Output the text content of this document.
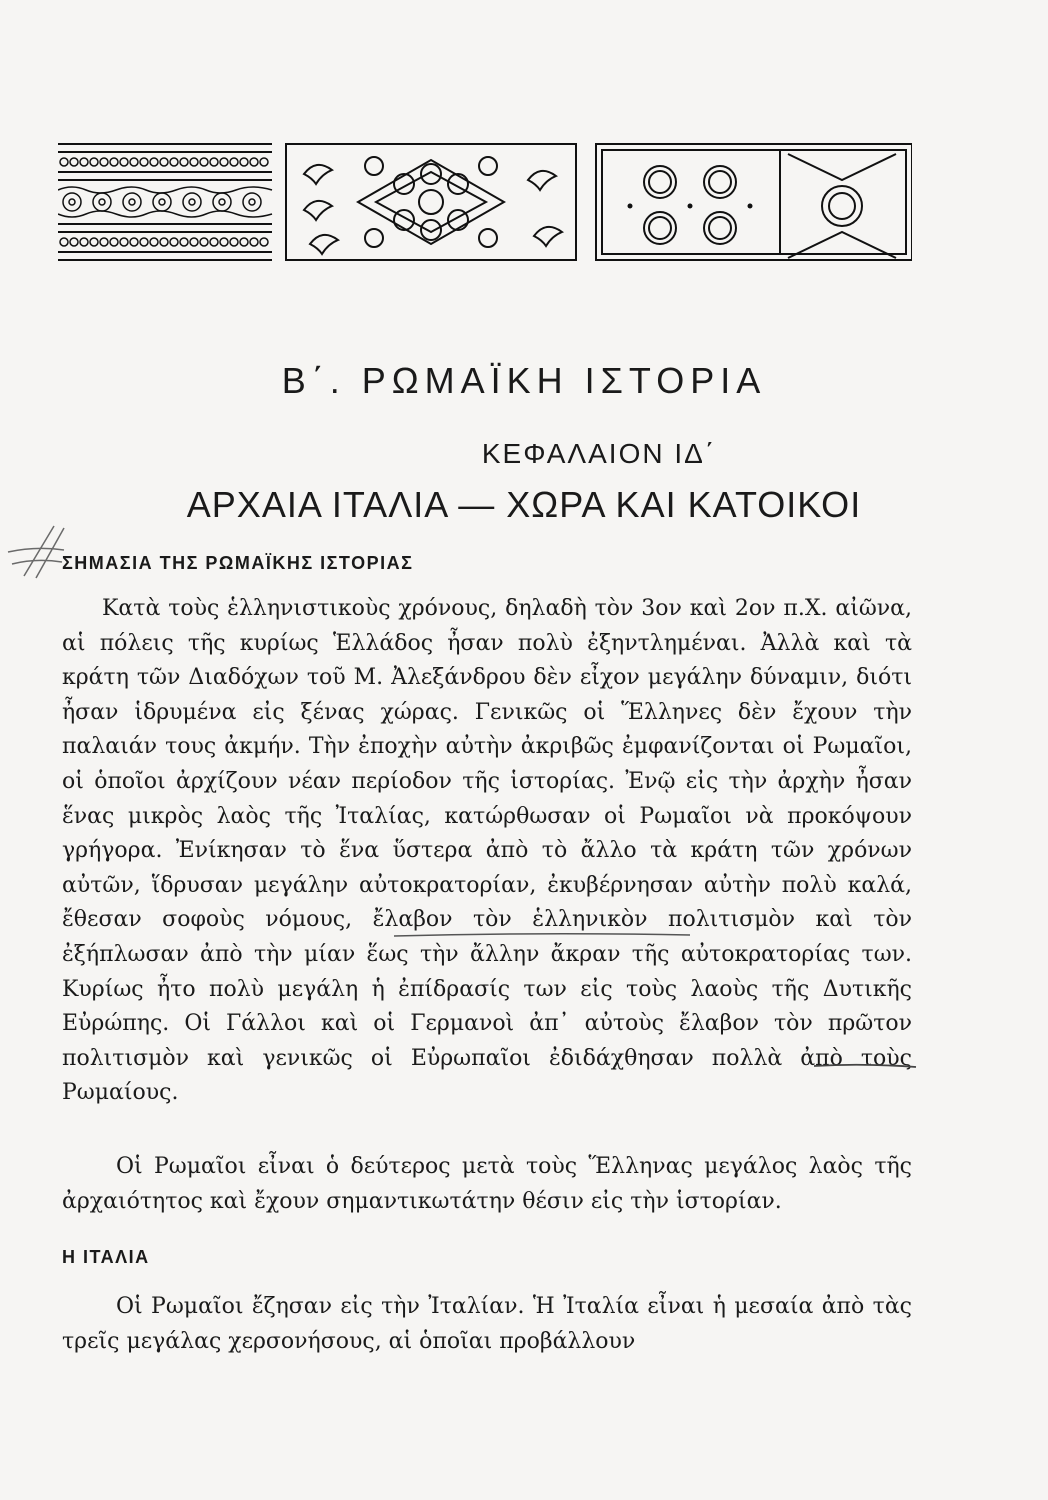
Β΄. ΡΩΜΑΪΚΗ ΙΣΤΟΡΙΑ
ΚΕΦΑΛΑΙΟΝ ΙΔ΄
ΑΡΧΑΙΑ ΙΤΑΛΙΑ — ΧΩΡΑ ΚΑΙ ΚΑΤΟΙΚΟΙ
ΣΗΜΑΣΙΑ ΤΗΣ ΡΩΜΑΪΚΗΣ ΙΣΤΟΡΙΑΣ
Κατὰ τοὺς ἑλληνιστικοὺς χρόνους, δηλαδὴ τὸν 3ον καὶ 2ον π.Χ. αἰῶνα, αἱ πόλεις τῆς κυρίως Ἑλλάδος ἦσαν πολὺ ἐξηντλημέναι. Ἀλλὰ καὶ τὰ κράτη τῶν Διαδόχων τοῦ Μ. Ἀλεξάνδρου δὲν εἶχον μεγάλην δύναμιν, διότι ἦσαν ἱδρυμένα εἰς ξένας χώρας. Γενικῶς οἱ Ἕλληνες δὲν ἔχουν τὴν παλαιάν τους ἀκμήν. Τὴν ἐποχὴν αὐτὴν ἀκριβῶς ἐμφανίζονται οἱ Ρωμαῖοι, οἱ ὁποῖοι ἀρχίζουν νέαν περίοδον τῆς ἱστορίας. Ἐνῷ εἰς τὴν ἀρχὴν ἦσαν ἕνας μικρὸς λαὸς τῆς Ἰταλίας, κατώρθωσαν οἱ Ρωμαῖοι νὰ προκόψουν γρήγορα. Ἐνίκησαν τὸ ἕνα ὕστερα ἀπὸ τὸ ἄλλο τὰ κράτη τῶν χρόνων αὐτῶν, ἵδρυσαν μεγάλην αὐτοκρατορίαν, ἐκυβέρνησαν αὐτὴν πολὺ καλά, ἔθεσαν σοφοὺς νόμους, ἔλαβον τὸν ἑλληνικὸν πολιτισμὸν καὶ τὸν ἐξήπλωσαν ἀπὸ τὴν μίαν ἕως τὴν ἄλλην ἄκραν τῆς αὐτοκρατορίας των. Κυρίως ἦτο πολὺ μεγάλη ἡ ἐπίδρασίς των εἰς τοὺς λαοὺς τῆς Δυτικῆς Εὐρώπης. Οἱ Γάλλοι καὶ οἱ Γερμανοὶ ἀπ᾿ αὐτοὺς ἔλαβον τὸν πρῶτον πολιτισμὸν καὶ γενικῶς οἱ Εὐρωπαῖοι ἐδιδάχθησαν πολλὰ ἀπὸ τοὺς Ρωμαίους.
Οἱ Ρωμαῖοι εἶναι ὁ δεύτερος μετὰ τοὺς Ἕλληνας μεγάλος λαὸς τῆς ἀρχαιότητος καὶ ἔχουν σημαντικωτάτην θέσιν εἰς τὴν ἱστορίαν.
Η ΙΤΑΛΙΑ
Οἱ Ρωμαῖοι ἔζησαν εἰς τὴν Ἰταλίαν. Ἡ Ἰταλία εἶναι ἡ μεσαία ἀπὸ τὰς τρεῖς μεγάλας χερσονήσους, αἱ ὁποῖαι προβάλλουν
